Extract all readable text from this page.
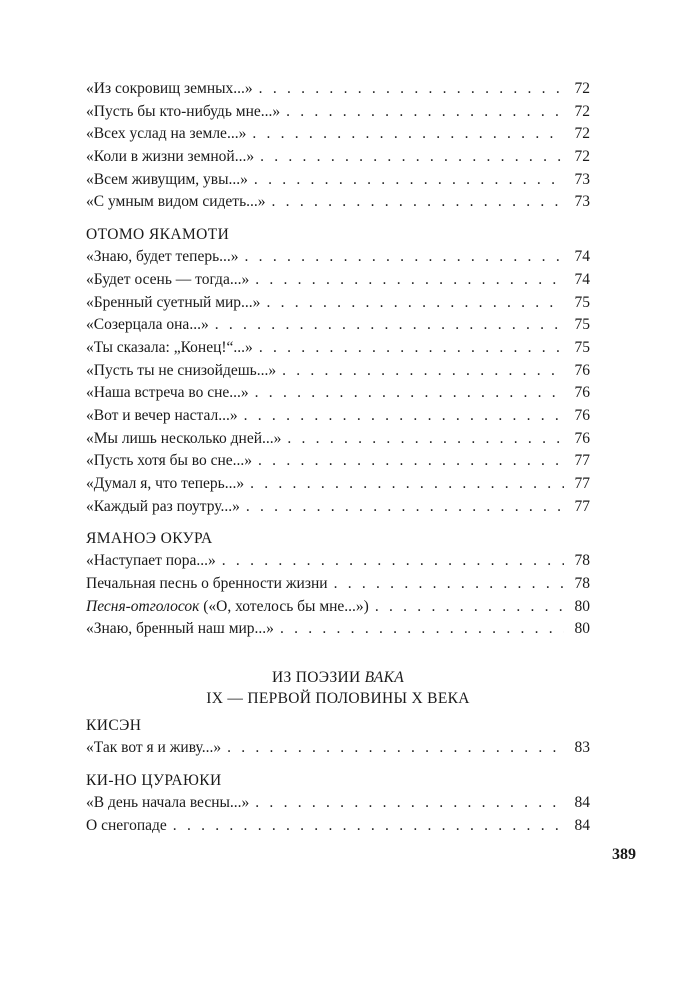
«Из сокровищ земных...» . . .	72
«Пусть бы кто-нибудь мне...» . . .	72
«Всех услад на земле...» . . .	72
«Коли в жизни земной...» . . .	72
«Всем живущим, увы...» . . .	73
«С умным видом сидеть...» . . .	73
ОТОМО ЯКАМОТИ
«Знаю, будет теперь...» . . .	74
«Будет осень — тогда...» . . .	74
«Бренный суетный мир...» . . .	75
«Созерцала она...» . . .	75
«Ты сказала: „Конец!“...» . . .	75
«Пусть ты не снизойдешь...» . . .	76
«Наша встреча во сне...» . . .	76
«Вот и вечер настал...» . . .	76
«Мы лишь несколько дней...» . . .	76
«Пусть хотя бы во сне...» . . .	77
«Думал я, что теперь...» . . .	77
«Каждый раз поутру...» . . .	77
ЯМАНОЭ ОКУРА
«Наступает пора...» . . .	78
Печальная песнь о бренности жизни . . .	78
Песня-отголосок («О, хотелось бы мне...») . . .	80
«Знаю, бренный наш мир...» . . .	80
ИЗ ПОЭЗИИ ВАКА
IX — ПЕРВОЙ ПОЛОВИНЫ X ВЕКА
КИСЭН
«Так вот я и живу...» . . .	83
КИ-НО ЦУРАЮКИ
«В день начала весны...» . . .	84
О снегопаде . . .	84
389
